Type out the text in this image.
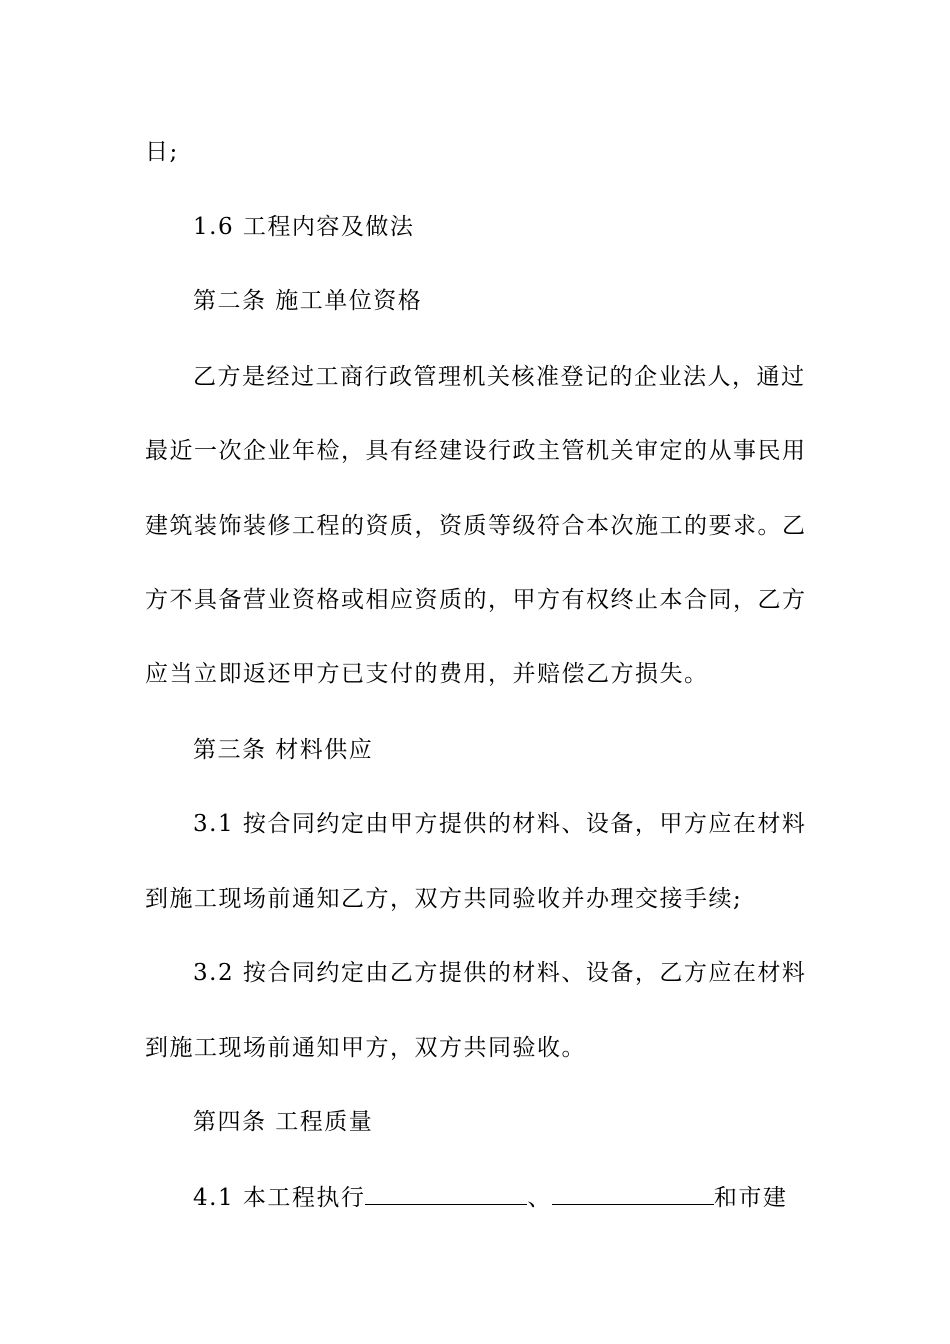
日;
1.6 工程内容及做法
第二条 施工单位资格
乙方是经过工商行政管理机关核准登记的企业法人，通过
最近一次企业年检，具有经建设行政主管机关审定的从事民用
建筑装饰装修工程的资质，资质等级符合本次施工的要求。乙
方不具备营业资格或相应资质的，甲方有权终止本合同，乙方
应当立即返还甲方已支付的费用，并赔偿乙方损失。
第三条 材料供应
3.1 按合同约定由甲方提供的材料、设备，甲方应在材料
到施工现场前通知乙方，双方共同验收并办理交接手续;
3.2 按合同约定由乙方提供的材料、设备，乙方应在材料
到施工现场前通知甲方，双方共同验收。
第四条 工程质量
4.1 本工程执行	、	和市建
